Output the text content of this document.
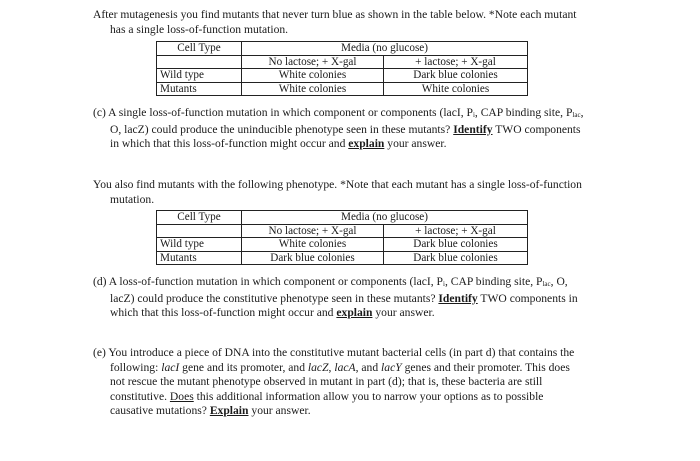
After mutagenesis you find mutants that never turn blue as shown in the table below. *Note each mutant
has a single loss-of-function mutation.
Cell Type	Media (no glucose)	
	No lactose; + X-gal	+ lactose; + X-gal
Wild type	White colonies	Dark blue colonies
Mutants	White colonies	White colonies
(c) A single loss-of-function mutation in which component or components (lacI, $P_i$, CAP binding site, $P_{lac}$,
O, lacZ) could produce the uninducible phenotype seen in these mutants? Identify TWO components
in which that this loss-of-function might occur and explain your answer.
You also find mutants with the following phenotype. *Note that each mutant has a single loss-of-function
mutation.
Cell Type	Media (no glucose)	
	No lactose; + X-gal	+ lactose; + X-gal
Wild type	White colonies	Dark blue colonies
Mutants	Dark blue colonies	Dark blue colonies
(d) A loss-of-function mutation in which component or components (lacI, $P_i$, CAP binding site, $P_{lac}$, O,
lacZ) could produce the constitutive phenotype seen in these mutants? Identify TWO components in
which that this loss-of-function might occur and explain your answer.
(e) You introduce a piece of DNA into the constitutive mutant bacterial cells (in part d) that contains the
following: lacI gene and its promoter, and lacZ, lacA, and lacY genes and their promoter. This does
not rescue the mutant phenotype observed in mutant in part (d); that is, these bacteria are still
constitutive. Does this additional information allow you to narrow your options as to possible
causative mutations? Explain your answer.
